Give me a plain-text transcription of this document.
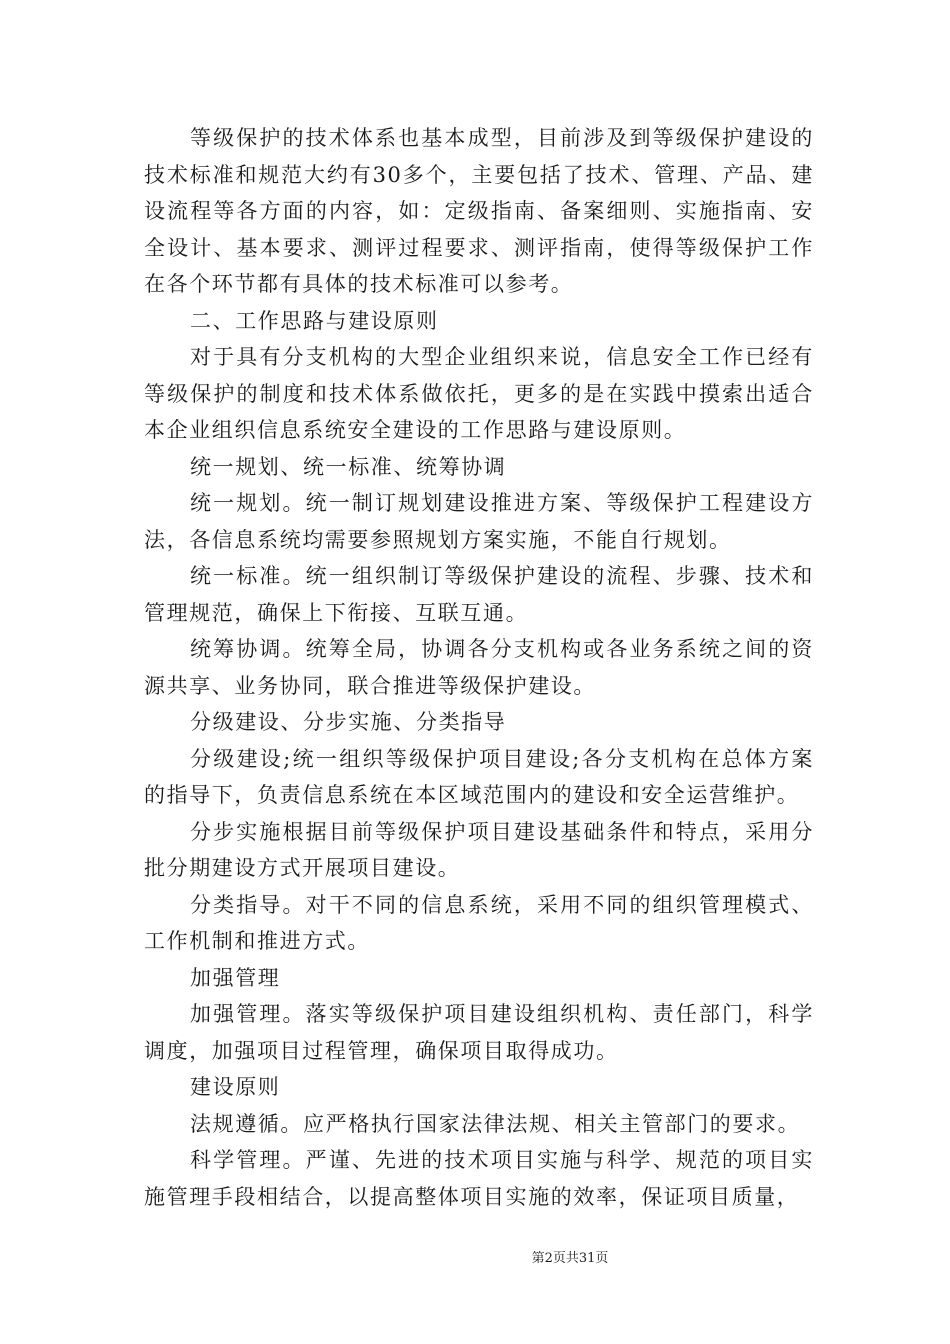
等级保护的技术体系也基本成型，目前涉及到等级保护建设的技术标准和规范大约有30多个，主要包括了技术、管理、产品、建设流程等各方面的内容，如：定级指南、备案细则、实施指南、安全设计、基本要求、测评过程要求、测评指南，使得等级保护工作在各个环节都有具体的技术标准可以参考。

二、工作思路与建设原则

对于具有分支机构的大型企业组织来说，信息安全工作已经有等级保护的制度和技术体系做依托，更多的是在实践中摸索出适合本企业组织信息系统安全建设的工作思路与建设原则。

统一规划、统一标准、统筹协调

统一规划。统一制订规划建设推进方案、等级保护工程建设方法，各信息系统均需要参照规划方案实施，不能自行规划。

统一标准。统一组织制订等级保护建设的流程、步骤、技术和管理规范，确保上下衔接、互联互通。

统筹协调。统筹全局，协调各分支机构或各业务系统之间的资源共享、业务协同，联合推进等级保护建设。

分级建设、分步实施、分类指导

分级建设;统一组织等级保护项目建设;各分支机构在总体方案的指导下，负责信息系统在本区域范围内的建设和安全运营维护。

分步实施根据目前等级保护项目建设基础条件和特点，采用分批分期建设方式开展项目建设。

分类指导。对干不同的信息系统，采用不同的组织管理模式、工作机制和推进方式。

加强管理

加强管理。落实等级保护项目建设组织机构、责任部门，科学调度，加强项目过程管理，确保项目取得成功。

建设原则

法规遵循。应严格执行国家法律法规、相关主管部门的要求。

科学管理。严谨、先进的技术项目实施与科学、规范的项目实施管理手段相结合，以提高整体项目实施的效率，保证项目质量，

第2页共31页
